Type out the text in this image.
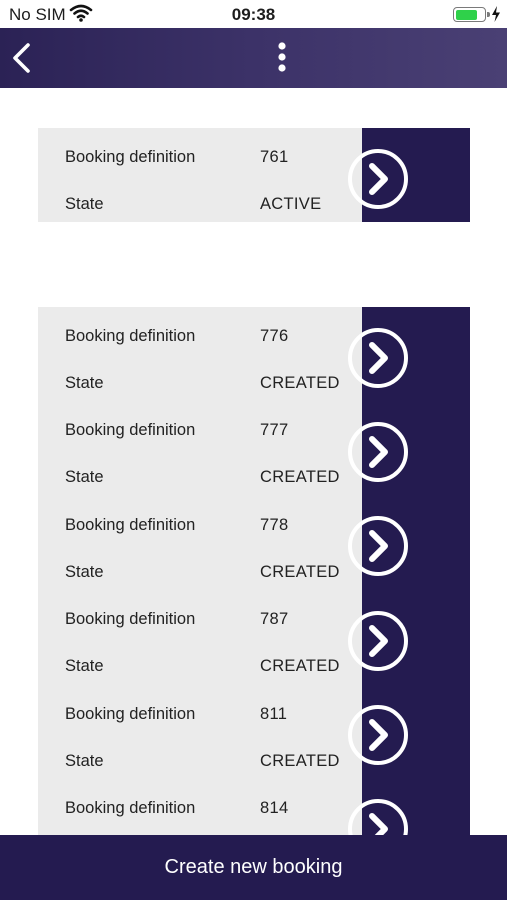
No SIM	09:38
Booking definition	761
State	ACTIVE
Booking definition	776
State	CREATED
Booking definition	777
State	CREATED
Booking definition	778
State	CREATED
Booking definition	787
State	CREATED
Booking definition	811
State	CREATED
Booking definition	814
Create new booking
